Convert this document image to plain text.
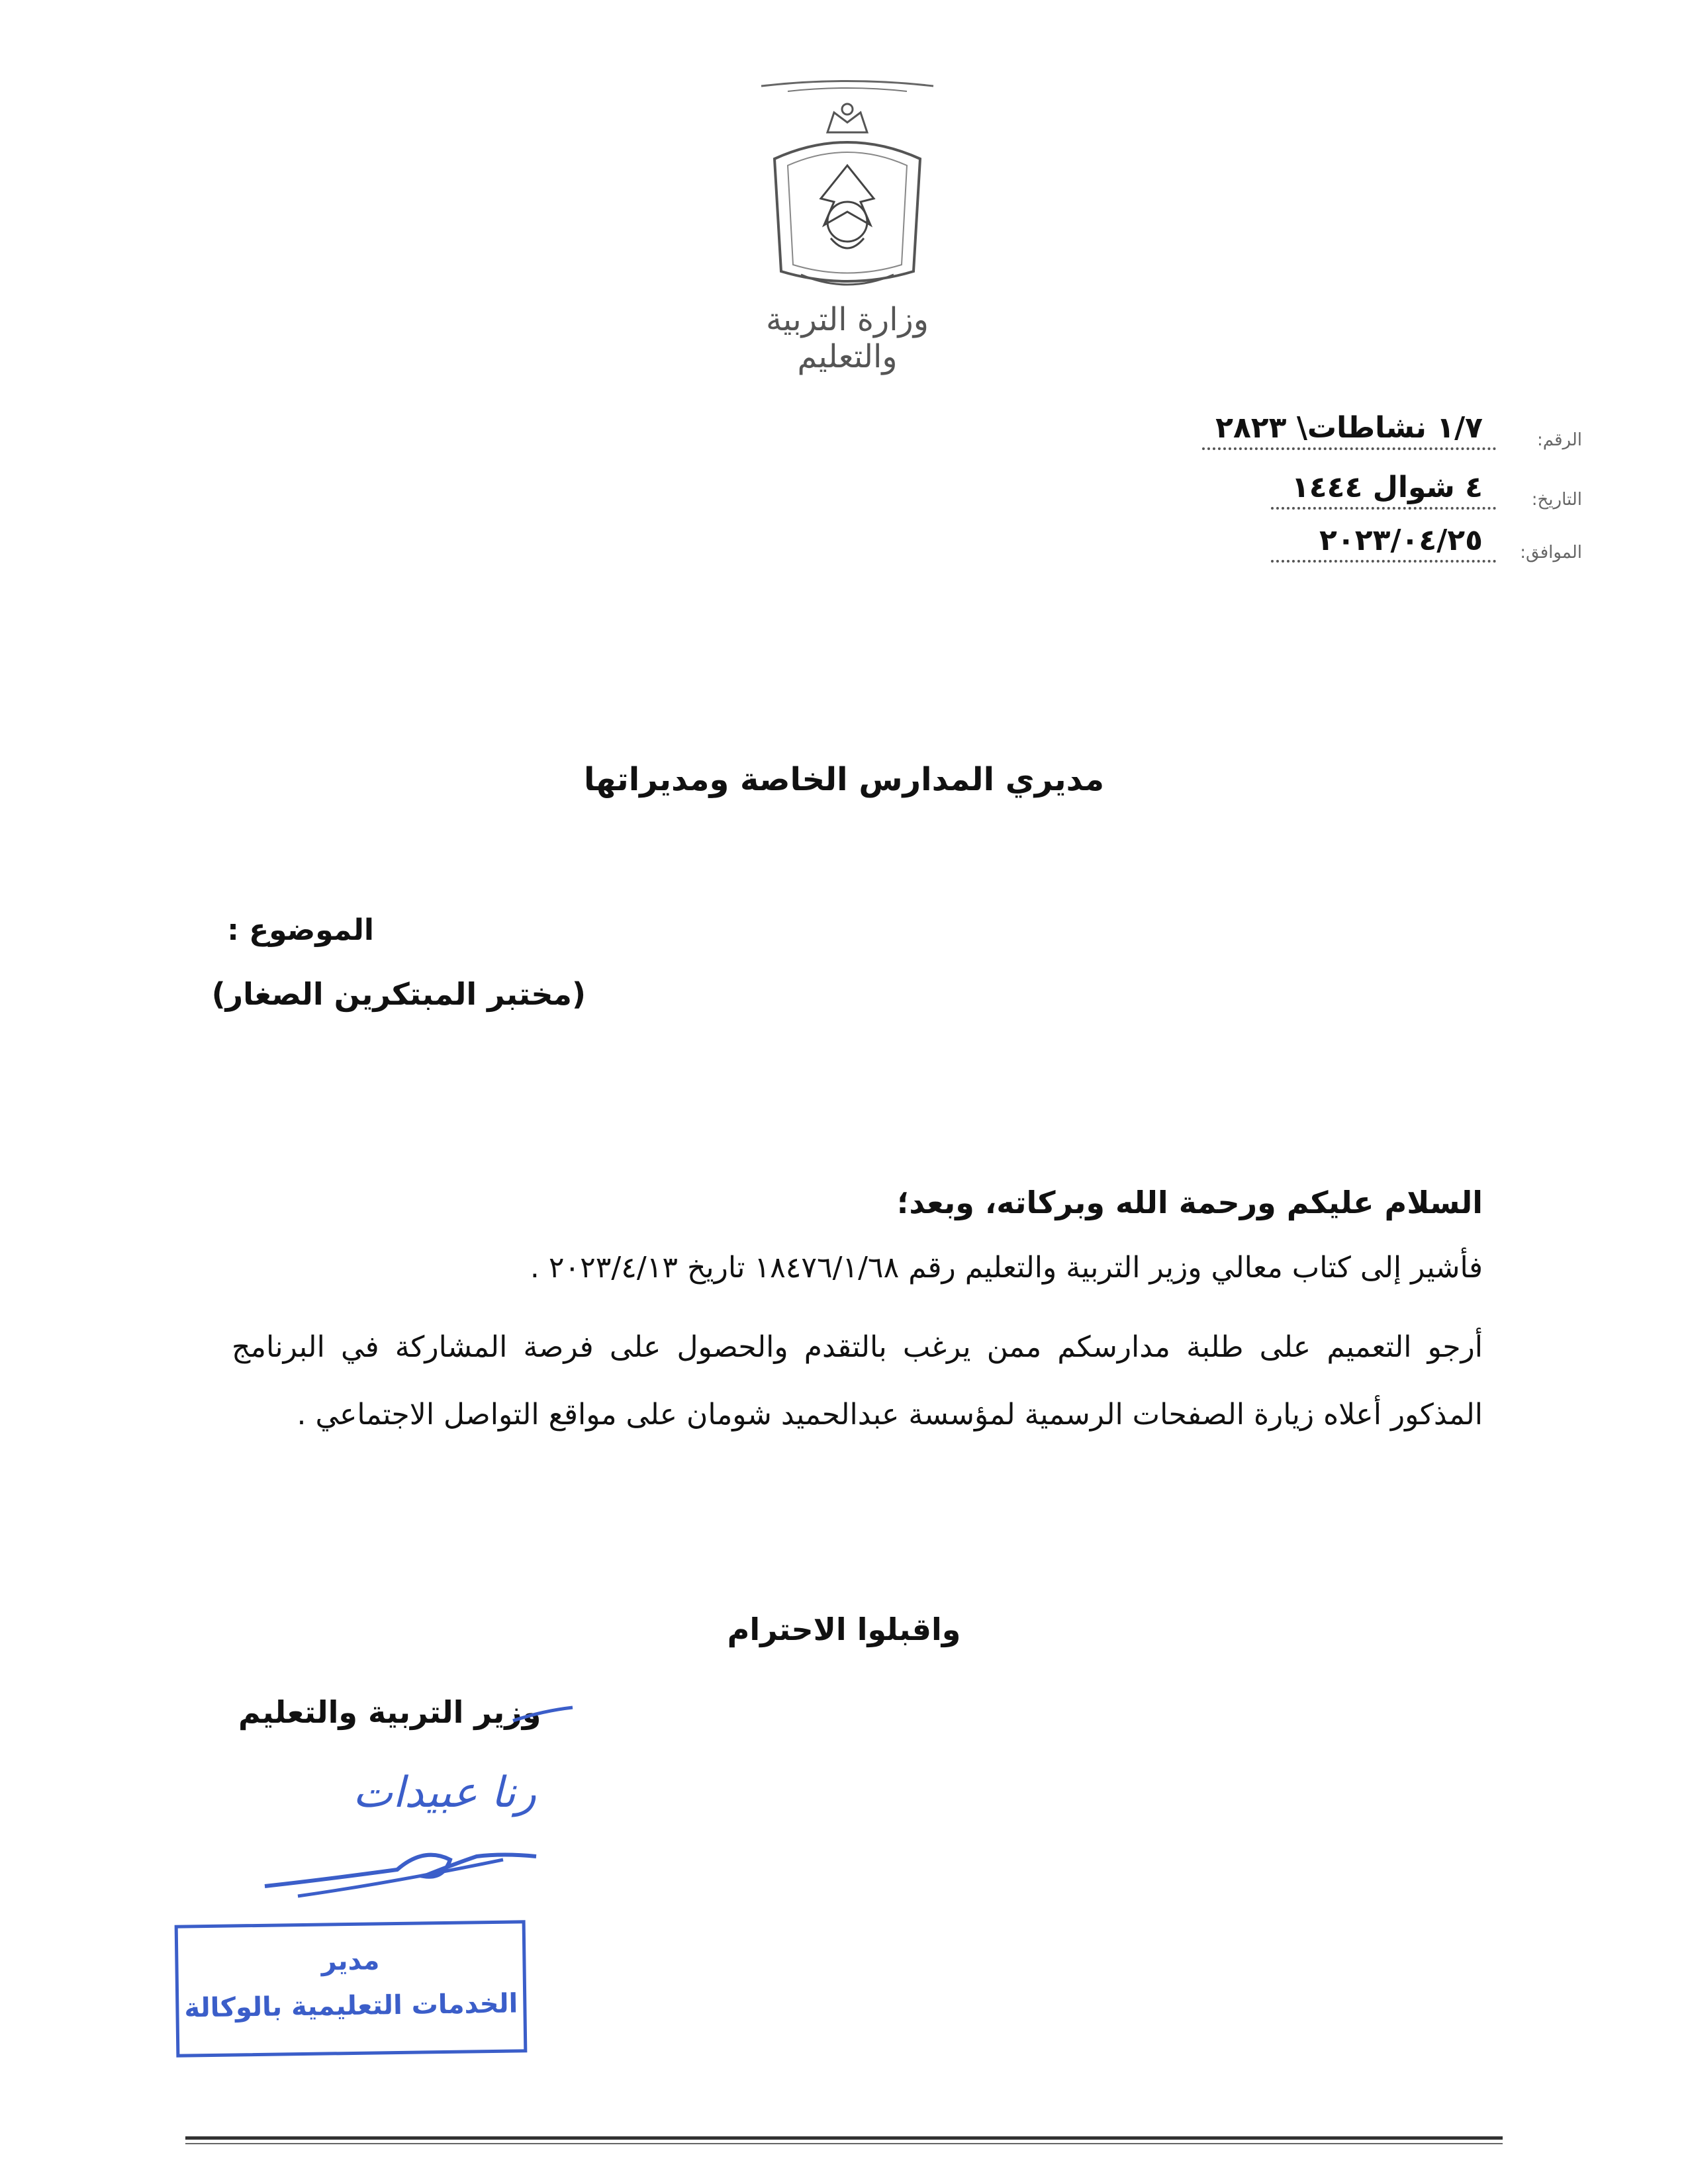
وزارة التربية والتعليم
الرقم:
١/٧ نشاطات\ ٢٨٢٣
التاريخ:
٤ شوال ١٤٤٤
الموافق:
٢٠٢٣/٠٤/٢٥
مديري المدارس الخاصة ومديراتها
الموضوع :
(مختبر المبتكرين الصغار)
السلام عليكم ورحمة الله وبركاته، وبعد؛
فأشير إلى كتاب معالي وزير التربية والتعليم رقم ١٨٤٧٦/١/٦٨ تاريخ ٢٠٢٣/٤/١٣ .
أرجو التعميم على طلبة مدارسكم ممن يرغب بالتقدم والحصول على فرصة المشاركة في البرنامج المذكور أعلاه زيارة الصفحات الرسمية لمؤسسة عبدالحميد شومان على مواقع التواصل الاجتماعي .
واقبلوا الاحترام
وزير التربية والتعليم
رنا عبيدات
مدير
الخدمات التعليمية بالوكالة
